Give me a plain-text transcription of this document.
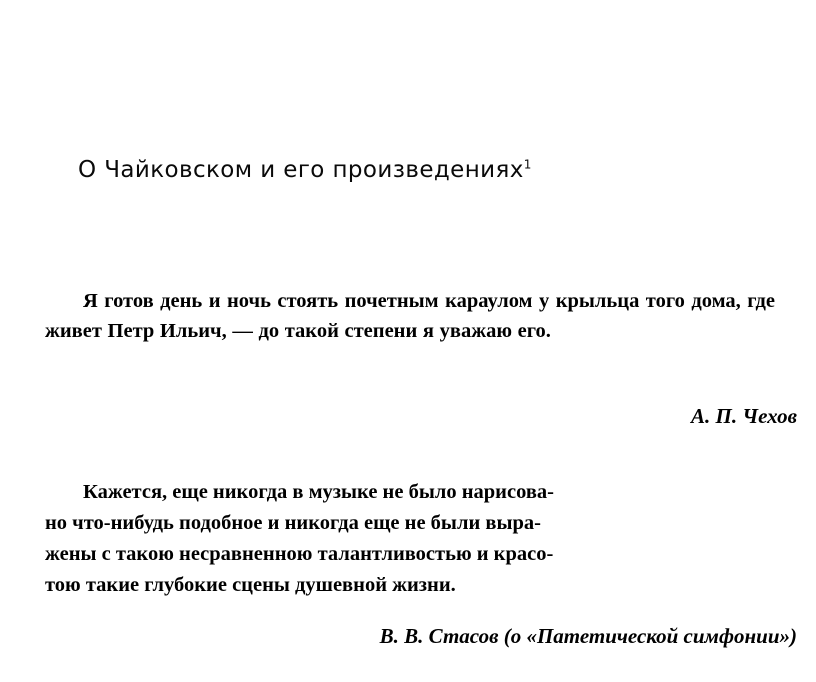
О Чайковском и его произведениях$^1$
Я готов день и ночь стоять почетным караулом у крыльца того дома, где живет Петр Ильич, — до такой степени я уважаю его.
А. П. Чехов
Кажется, еще никогда в музыке не было нарисова-
но что-нибудь подобное и никогда еще не были выра-
жены с такою несравненною талантливостью и красо-
тою такие глубокие сцены душевной жизни.
В. В. Стасов (о «Патетической симфонии»)
